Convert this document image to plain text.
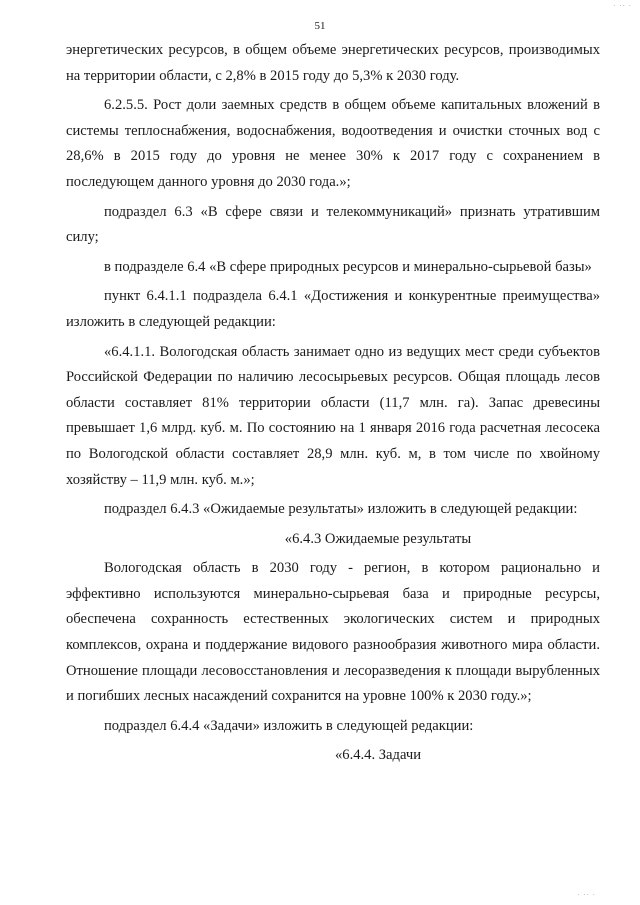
· ·· ·
51

энергетических ресурсов, в общем объеме энергетических ресурсов, производимых на территории области, с 2,8% в 2015 году до 5,3% к 2030 году.

6.2.5.5. Рост доли заемных средств в общем объеме капитальных вложений в системы теплоснабжения, водоснабжения, водоотведения и очистки сточных вод с 28,6% в 2015 году до уровня не менее 30% к 2017 году с сохранением в последующем данного уровня до 2030 года.»;

подраздел 6.3 «В сфере связи и телекоммуникаций» признать утратившим силу;

в подразделе 6.4 «В сфере природных ресурсов и минерально-сырьевой базы»

пункт 6.4.1.1 подраздела 6.4.1 «Достижения и конкурентные преимущества» изложить в следующей редакции:

«6.4.1.1. Вологодская область занимает одно из ведущих мест среди субъектов Российской Федерации по наличию лесосырьевых ресурсов. Общая площадь лесов области составляет 81% территории области (11,7 млн. га). Запас древесины превышает 1,6 млрд. куб. м. По состоянию на 1 января 2016 года расчетная лесосека по Вологодской области составляет 28,9 млн. куб. м, в том числе по хвойному хозяйству – 11,9 млн. куб. м.»;

подраздел 6.4.3 «Ожидаемые результаты» изложить в следующей редакции:

«6.4.3 Ожидаемые результаты

Вологодская область в 2030 году - регион, в котором рационально и эффективно используются минерально-сырьевая база и природные ресурсы, обеспечена сохранность естественных экологических систем и природных комплексов, охрана и поддержание видового разнообразия животного мира области. Отношение площади лесовосстановления и лесоразведения к площади вырубленных и погибших лесных насаждений сохранится на уровне 100% к 2030 году.»;

подраздел 6.4.4 «Задачи» изложить в следующей редакции:

«6.4.4. Задачи

· ·· ·
